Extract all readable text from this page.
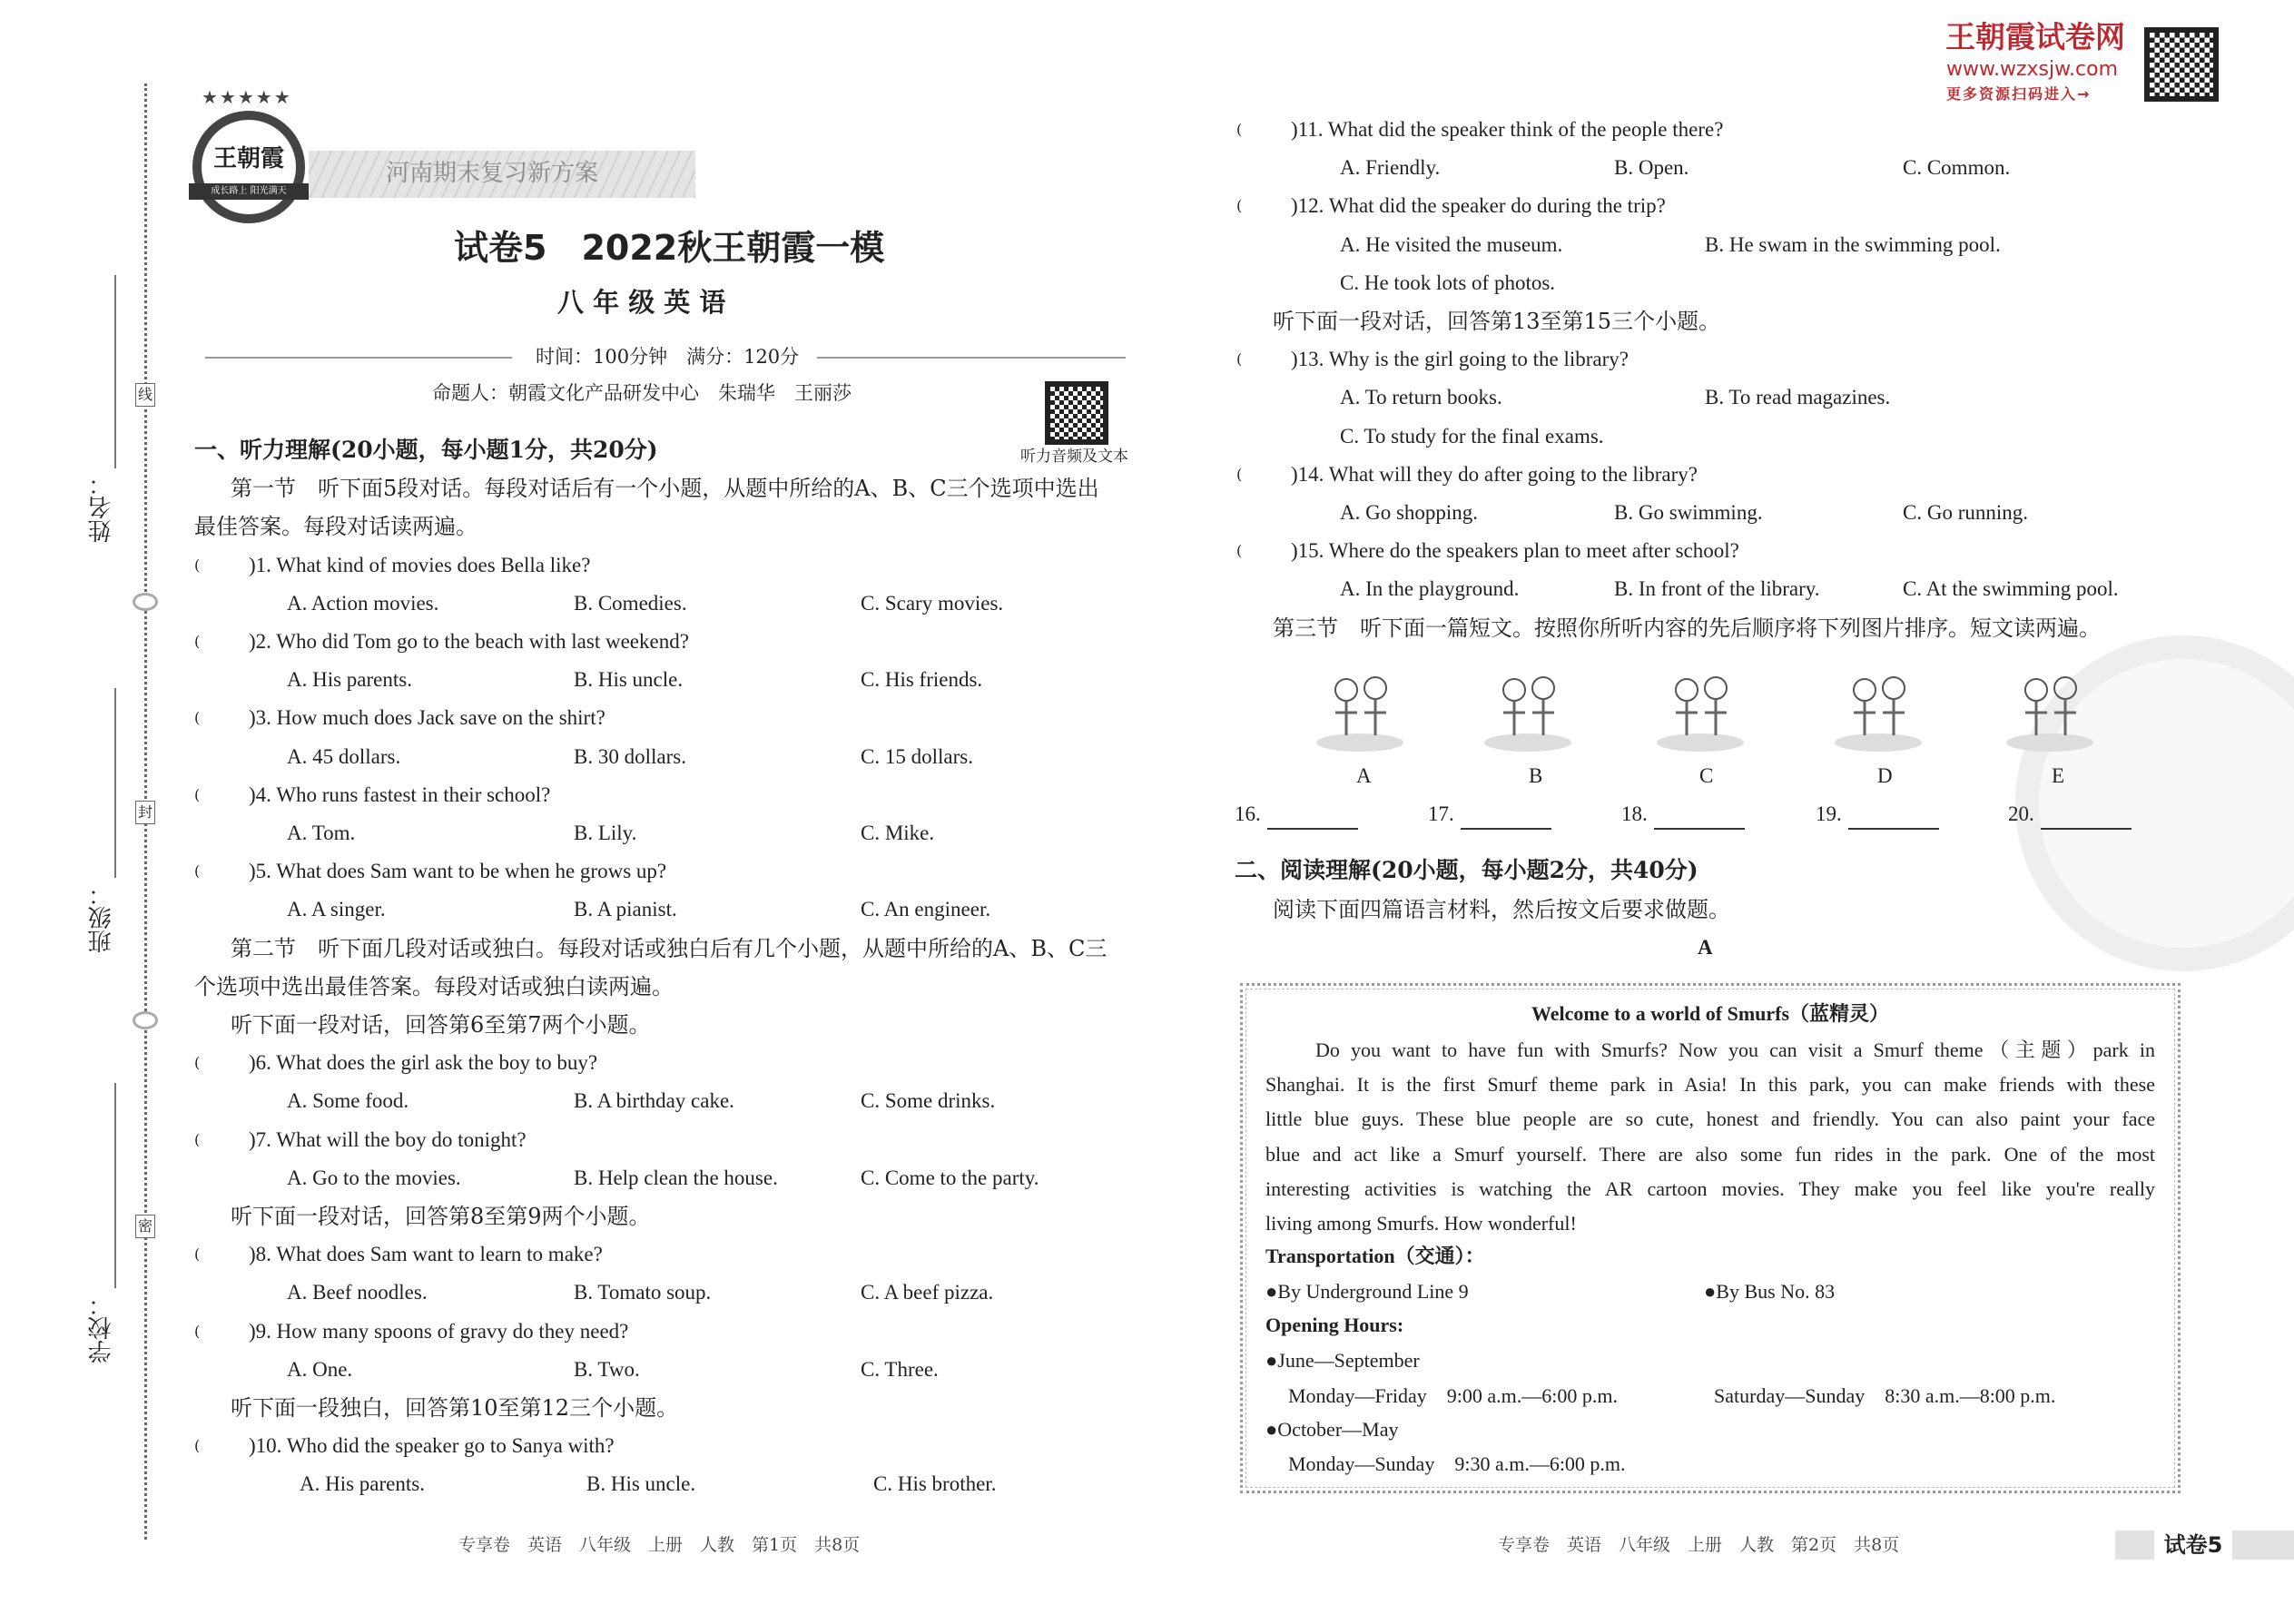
线
封
密
姓名：
班级：
学校：
河南期末复习新方案
★★★★★
王朝霞
成长路上 阳光满天
试卷5　2022秋王朝霞一模
八 年 级 英 语
时间：100分钟　满分：120分
命题人：朝霞文化产品研发中心　朱瑞华　王丽莎
听力音频及文本
王朝霞试卷网
www.wzxsjw.com
更多资源扫码进入→
一、听力理解(20小题，每小题1分，共20分)
第一节　听下面5段对话。每段对话后有一个小题，从题中所给的A、B、C三个选项中选出
最佳答案。每段对话读两遍。
( )1. What kind of movies does Bella like?
A. Action movies.	B. Comedies.	C. Scary movies.
( )2. Who did Tom go to the beach with last weekend?
A. His parents.	B. His uncle.	C. His friends.
( )3. How much does Jack save on the shirt?
A. 45 dollars.	B. 30 dollars.	C. 15 dollars.
( )4. Who runs fastest in their school?
A. Tom.	B. Lily.	C. Mike.
( )5. What does Sam want to be when he grows up?
A. A singer.	B. A pianist.	C. An engineer.
第二节　听下面几段对话或独白。每段对话或独白后有几个小题，从题中所给的A、B、C三
个选项中选出最佳答案。每段对话或独白读两遍。
听下面一段对话，回答第6至第7两个小题。
( )6. What does the girl ask the boy to buy?
A. Some food.	B. A birthday cake.	C. Some drinks.
( )7. What will the boy do tonight?
A. Go to the movies.	B. Help clean the house.	C. Come to the party.
听下面一段对话，回答第8至第9两个小题。
( )8. What does Sam want to learn to make?
A. Beef noodles.	B. Tomato soup.	C. A beef pizza.
( )9. How many spoons of gravy do they need?
A. One.	B. Two.	C. Three.
听下面一段独白，回答第10至第12三个小题。
( )10. Who did the speaker go to Sanya with?
A. His parents.	B. His uncle.	C. His brother.
( )11. What did the speaker think of the people there?
A. Friendly.	B. Open.	C. Common.
( )12. What did the speaker do during the trip?
A. He visited the museum.	B. He swam in the swimming pool.
C. He took lots of photos.
听下面一段对话，回答第13至第15三个小题。
( )13. Why is the girl going to the library?
A. To return books.	B. To read magazines.
C. To study for the final exams.
( )14. What will they do after going to the library?
A. Go shopping.	B. Go swimming.	C. Go running.
( )15. Where do the speakers plan to meet after school?
A. In the playground.	B. In front of the library.	C. At the swimming pool.
第三节　听下面一篇短文。按照你所听内容的先后顺序将下列图片排序。短文读两遍。
A
16.
B
17.
C
18.
D
19.
E
20.
二、阅读理解(20小题，每小题2分，共40分)
阅读下面四篇语言材料，然后按文后要求做题。
A
Welcome to a world of Smurfs（蓝精灵）
Do you want to have fun with Smurfs? Now you can visit a Smurf theme（主题）park in
Shanghai. It is the first Smurf theme park in Asia! In this park, you can make friends with these
little blue guys. These blue people are so cute, honest and friendly. You can also paint your face
blue and act like a Smurf yourself. There are also some fun rides in the park. One of the most
interesting activities is watching the AR cartoon movies. They make you feel like you're really
living among Smurfs. How wonderful!
Transportation（交通）：
●By Underground Line 9	●By Bus No. 83
Opening Hours:
●June—September
Monday—Friday　9:00 a.m.—6:00 p.m.	Saturday—Sunday　8:30 a.m.—8:00 p.m.
●October—May
Monday—Sunday　9:30 a.m.—6:00 p.m.
专享卷　英语　八年级　上册　人教　第1页　共8页	专享卷　英语　八年级　上册　人教　第2页　共8页	试卷5
